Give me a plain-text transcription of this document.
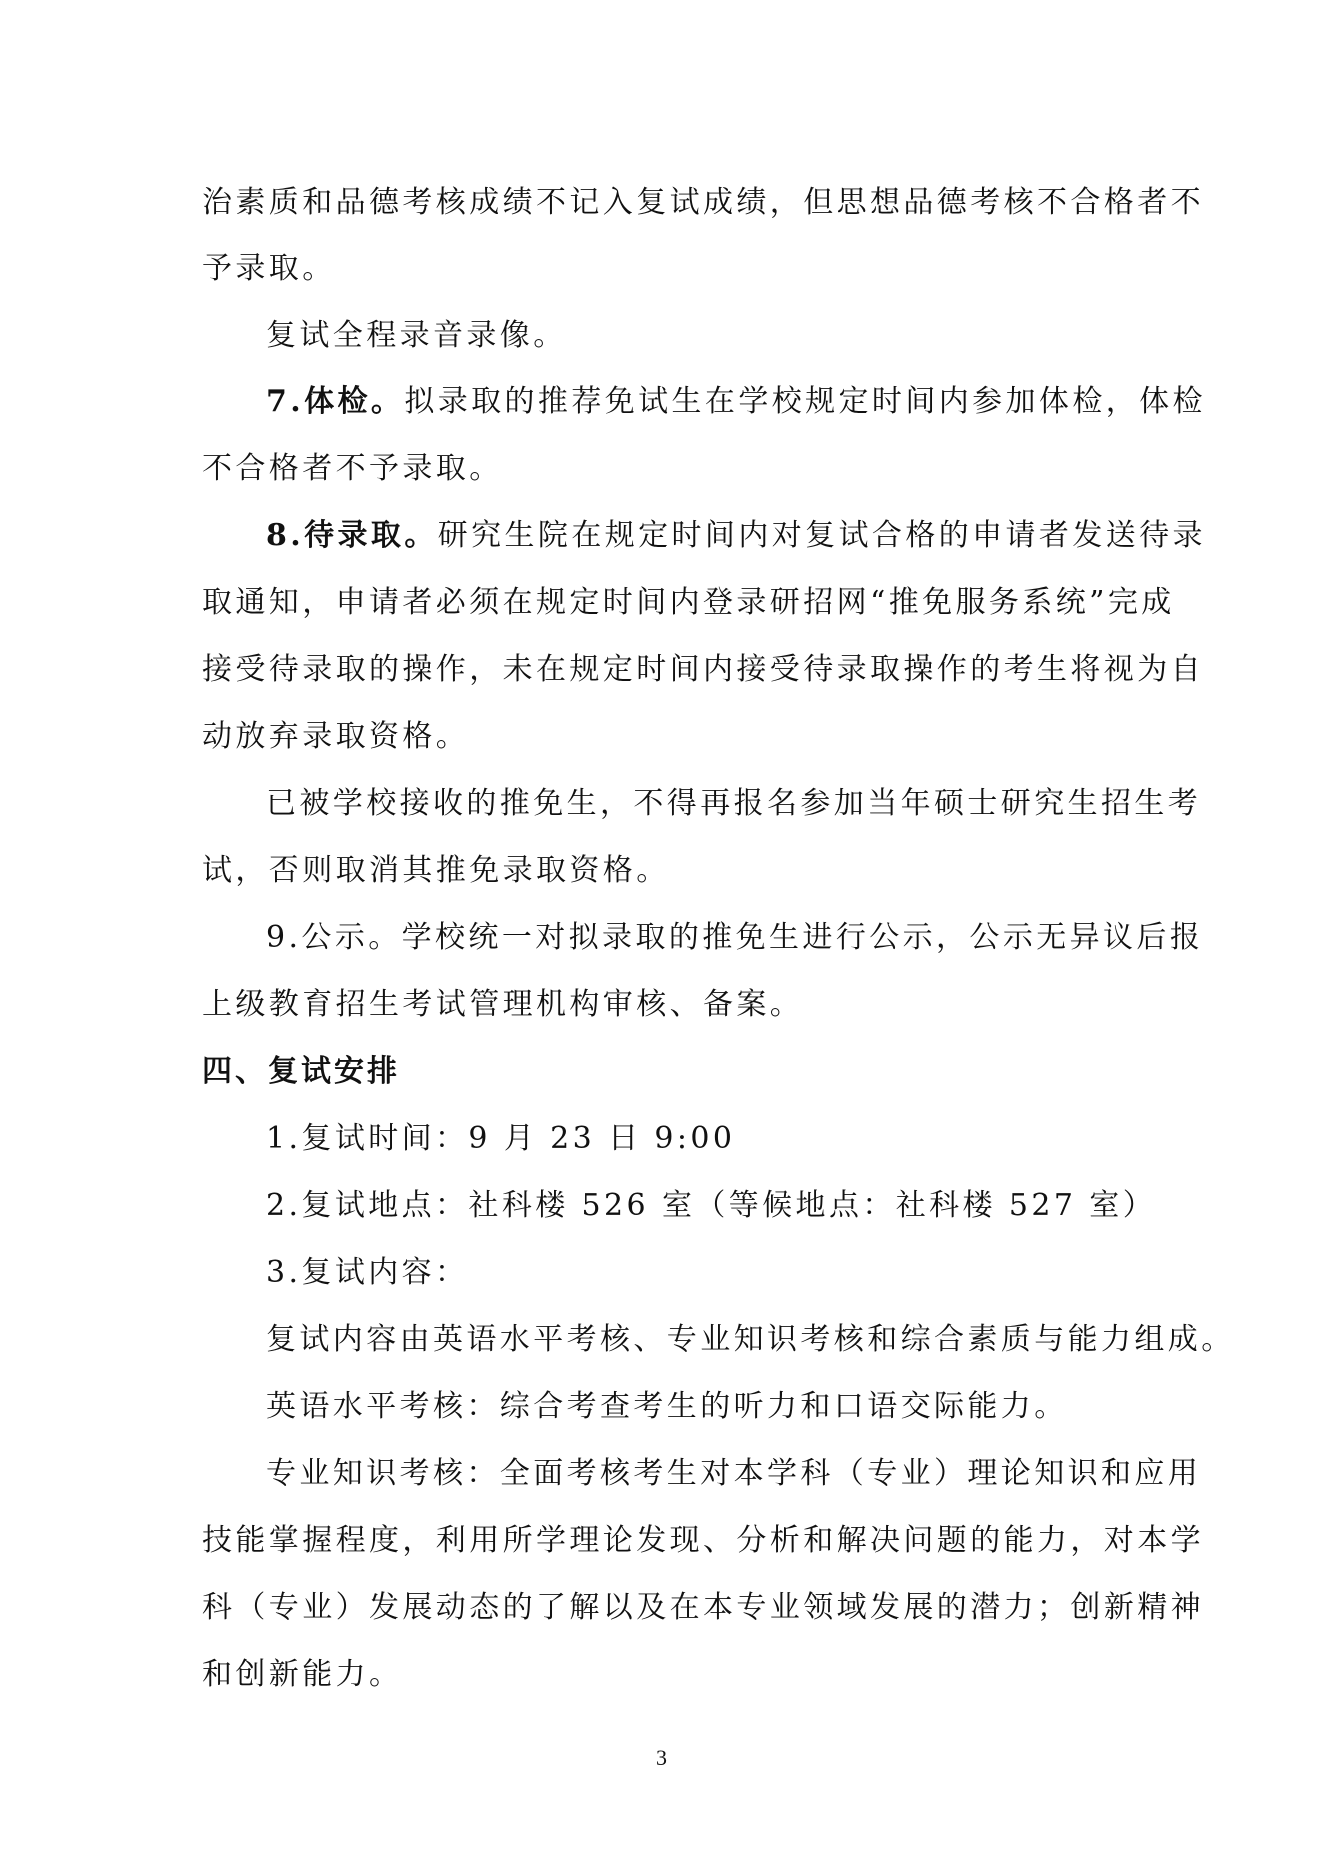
治素质和品德考核成绩不记入复试成绩，但思想品德考核不合格者不
予录取。
复试全程录音录像。
7.体检。拟录取的推荐免试生在学校规定时间内参加体检，体检
不合格者不予录取。
8.待录取。研究生院在规定时间内对复试合格的申请者发送待录
取通知，申请者必须在规定时间内登录研招网“推免服务系统”完成
接受待录取的操作，未在规定时间内接受待录取操作的考生将视为自
动放弃录取资格。
已被学校接收的推免生，不得再报名参加当年硕士研究生招生考
试，否则取消其推免录取资格。
9.公示。学校统一对拟录取的推免生进行公示，公示无异议后报
上级教育招生考试管理机构审核、备案。
四、复试安排
1.复试时间：9 月 23 日 9:00
2.复试地点：社科楼 526 室（等候地点：社科楼 527 室）
3.复试内容：
复试内容由英语水平考核、专业知识考核和综合素质与能力组成。
英语水平考核：综合考查考生的听力和口语交际能力。
专业知识考核：全面考核考生对本学科（专业）理论知识和应用
技能掌握程度，利用所学理论发现、分析和解决问题的能力，对本学
科（专业）发展动态的了解以及在本专业领域发展的潜力；创新精神
和创新能力。
3
